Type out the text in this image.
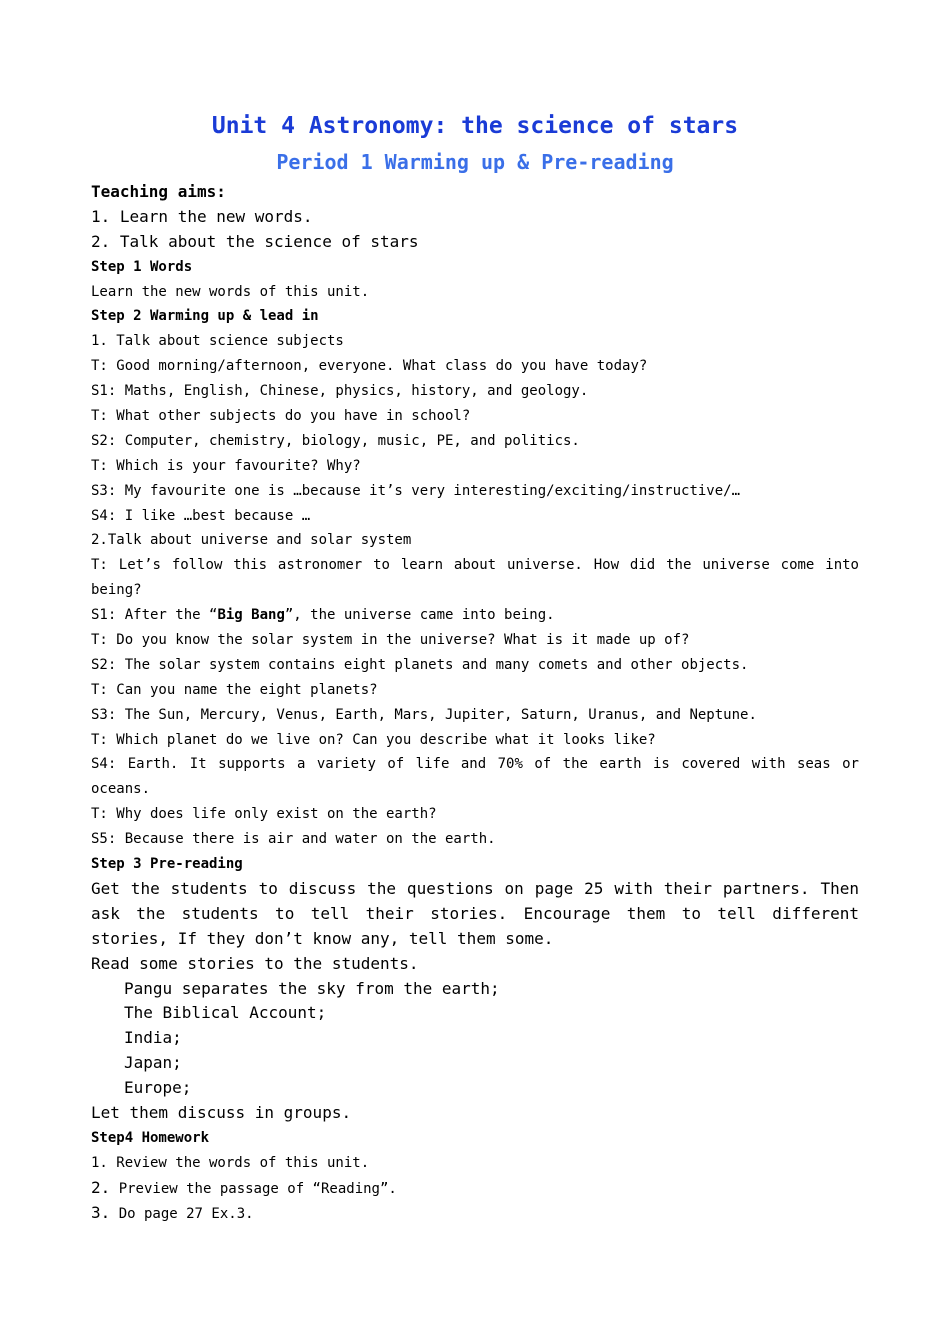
Unit 4 Astronomy: the science of stars
Period 1 Warming up & Pre-reading
Teaching aims:
1. Learn the new words.
2. Talk about the science of stars
Step 1 Words
Learn the new words of this unit.
Step 2 Warming up & lead in
1. Talk about science subjects
T: Good morning/afternoon, everyone. What class do you have today?
S1: Maths, English, Chinese, physics, history, and geology.
T: What other subjects do you have in school?
S2: Computer, chemistry, biology, music, PE, and politics.
T: Which is your favourite? Why?
S3: My favourite one is …because it’s very interesting/exciting/instructive/…
S4: I like …best because …
2.Talk about universe and solar system
T: Let’s follow this astronomer to learn about universe. How did the universe come into
being?
S1: After the “Big Bang”, the universe came into being.
T: Do you know the solar system in the universe? What is it made up of?
S2: The solar system contains eight planets and many comets and other objects.
T: Can you name the eight planets?
S3: The Sun, Mercury, Venus, Earth, Mars, Jupiter, Saturn, Uranus, and Neptune.
T: Which planet do we live on? Can you describe what it looks like?
S4: Earth. It supports a variety of life and 70% of the earth is covered with seas or
oceans.
T: Why does life only exist on the earth?
S5: Because there is air and water on the earth.
Step 3 Pre-reading
Get the students to discuss the questions on page 25 with their partners. Then
ask the students to tell their stories. Encourage them to tell different
stories, If they don’t know any, tell them some.
Read some stories to the students.
Pangu separates the sky from the earth;
The Biblical Account;
India;
Japan;
Europe;
Let them discuss in groups.
Step4 Homework
1. Review the words of this unit.
2. Preview the passage of “Reading”.
3. Do page 27 Ex.3.
